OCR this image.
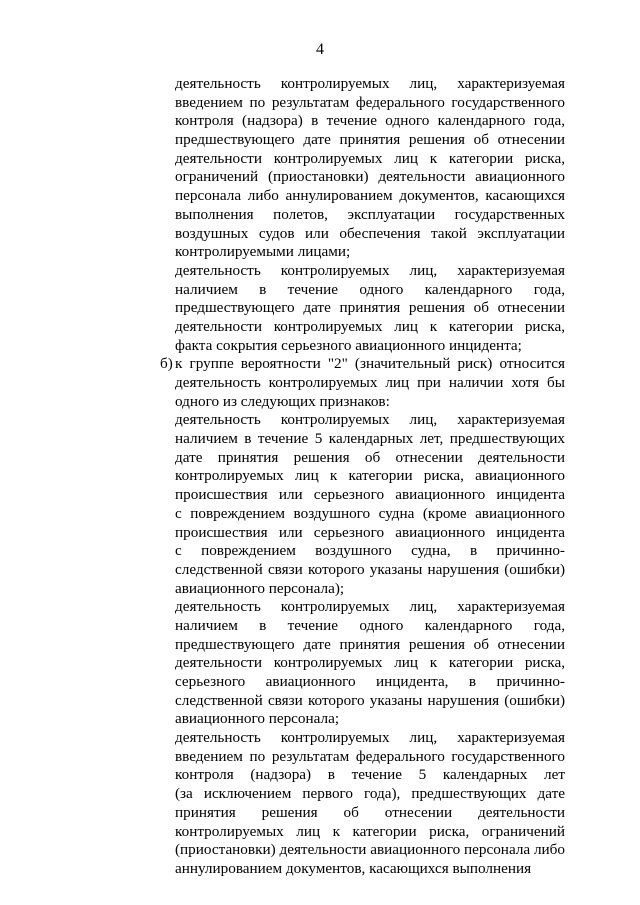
4
деятельность контролируемых лиц, характеризуемая
введением по результатам федерального государственного
контроля (надзора) в течение одного календарного года,
предшествующего дате принятия решения об отнесении
деятельности контролируемых лиц к категории риска,
ограничений (приостановки) деятельности авиационного
персонала либо аннулированием документов, касающихся
выполнения полетов, эксплуатации государственных
воздушных судов или обеспечения такой эксплуатации
контролируемыми лицами;
деятельность контролируемых лиц, характеризуемая
наличием в течение одного календарного года,
предшествующего дате принятия решения об отнесении
деятельности контролируемых лиц к категории риска,
факта сокрытия серьезного авиационного инцидента;
б) к группе вероятности "2" (значительный риск) относится
деятельность контролируемых лиц при наличии хотя бы
одного из следующих признаков:
деятельность контролируемых лиц, характеризуемая
наличием в течение 5 календарных лет, предшествующих
дате принятия решения об отнесении деятельности
контролируемых лиц к категории риска, авиационного
происшествия или серьезного авиационного инцидента
с повреждением воздушного судна (кроме авиационного
происшествия или серьезного авиационного инцидента
с повреждением воздушного судна, в причинно-
следственной связи которого указаны нарушения (ошибки)
авиационного персонала);
деятельность контролируемых лиц, характеризуемая
наличием в течение одного календарного года,
предшествующего дате принятия решения об отнесении
деятельности контролируемых лиц к категории риска,
серьезного авиационного инцидента, в причинно-
следственной связи которого указаны нарушения (ошибки)
авиационного персонала;
деятельность контролируемых лиц, характеризуемая
введением по результатам федерального государственного
контроля (надзора) в течение 5 календарных лет
(за исключением первого года), предшествующих дате
принятия решения об отнесении деятельности
контролируемых лиц к категории риска, ограничений
(приостановки) деятельности авиационного персонала либо
аннулированием документов, касающихся выполнения
